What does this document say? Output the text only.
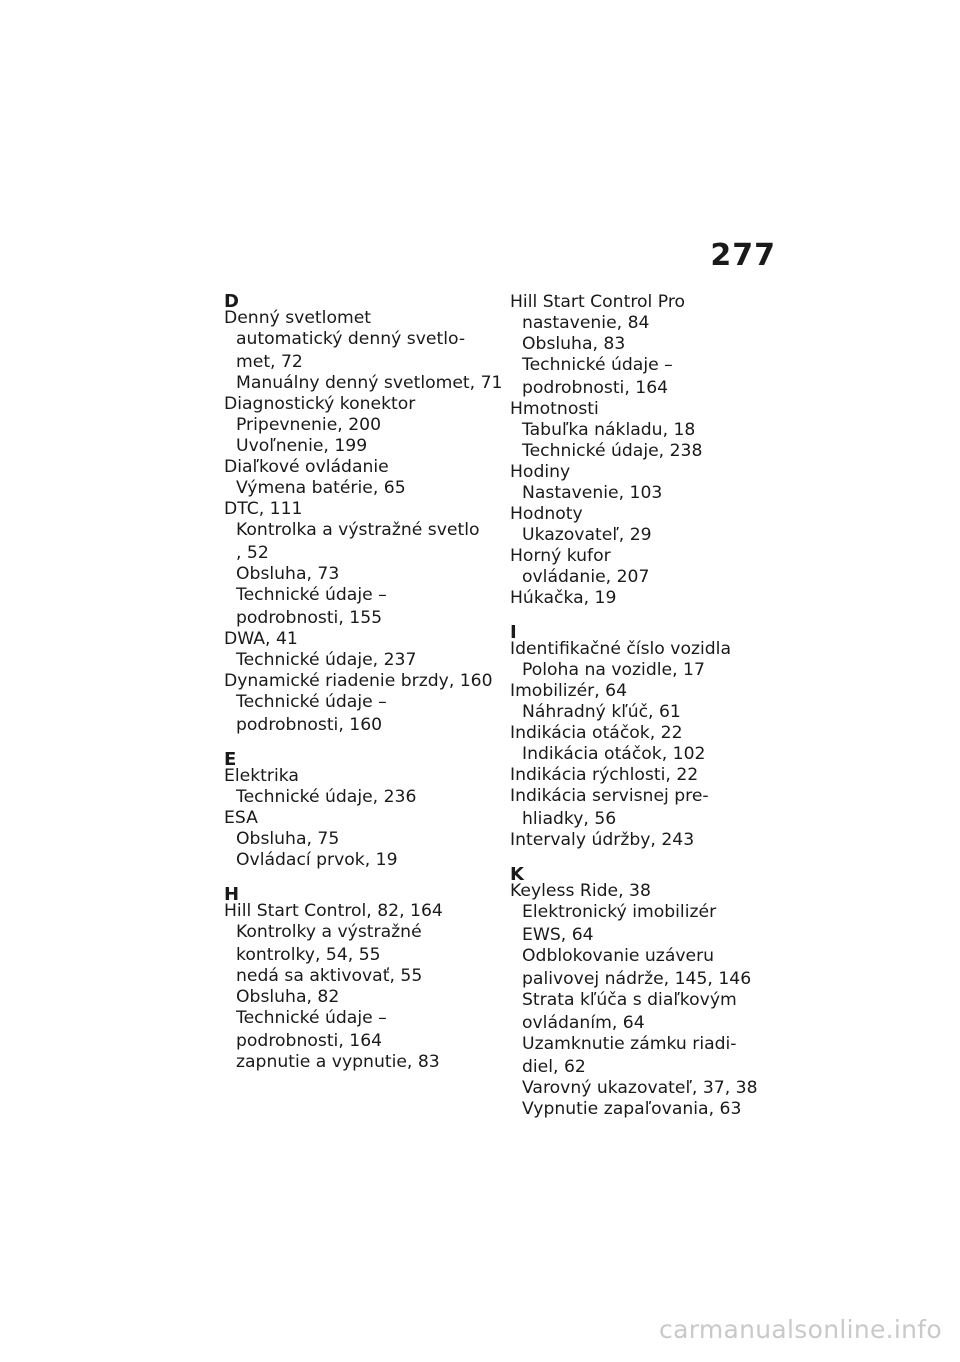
277
D
Denný svetlomet
automatický denný svetlo-
met, 72
Manuálny denný svetlomet, 71
Diagnostický konektor
Pripevnenie, 200
Uvoľnenie, 199
Diaľkové ovládanie
Výmena batérie, 65
DTC, 111
Kontrolka a výstražné svetlo
, 52
Obsluha, 73
Technické údaje –
podrobnosti, 155
DWA, 41
Technické údaje, 237
Dynamické riadenie brzdy, 160
Technické údaje –
podrobnosti, 160
E
Elektrika
Technické údaje, 236
ESA
Obsluha, 75
Ovládací prvok, 19
H
Hill Start Control, 82, 164
Kontrolky a výstražné
kontrolky, 54, 55
nedá sa aktivovať, 55
Obsluha, 82
Technické údaje –
podrobnosti, 164
zapnutie a vypnutie, 83
Hill Start Control Pro
nastavenie, 84
Obsluha, 83
Technické údaje –
podrobnosti, 164
Hmotnosti
Tabuľka nákladu, 18
Technické údaje, 238
Hodiny
Nastavenie, 103
Hodnoty
Ukazovateľ, 29
Horný kufor
ovládanie, 207
Húkačka, 19
I
Identifikačné číslo vozidla
Poloha na vozidle, 17
Imobilizér, 64
Náhradný kľúč, 61
Indikácia otáčok, 22
Indikácia otáčok, 102
Indikácia rýchlosti, 22
Indikácia servisnej pre-
hliadky, 56
Intervaly údržby, 243
K
Keyless Ride, 38
Elektronický imobilizér
EWS, 64
Odblokovanie uzáveru
palivovej nádrže, 145, 146
Strata kľúča s diaľkovým
ovládaním, 64
Uzamknutie zámku riadi-
diel, 62
Varovný ukazovateľ, 37, 38
Vypnutie zapaľovania, 63
carmanualsonline.info
